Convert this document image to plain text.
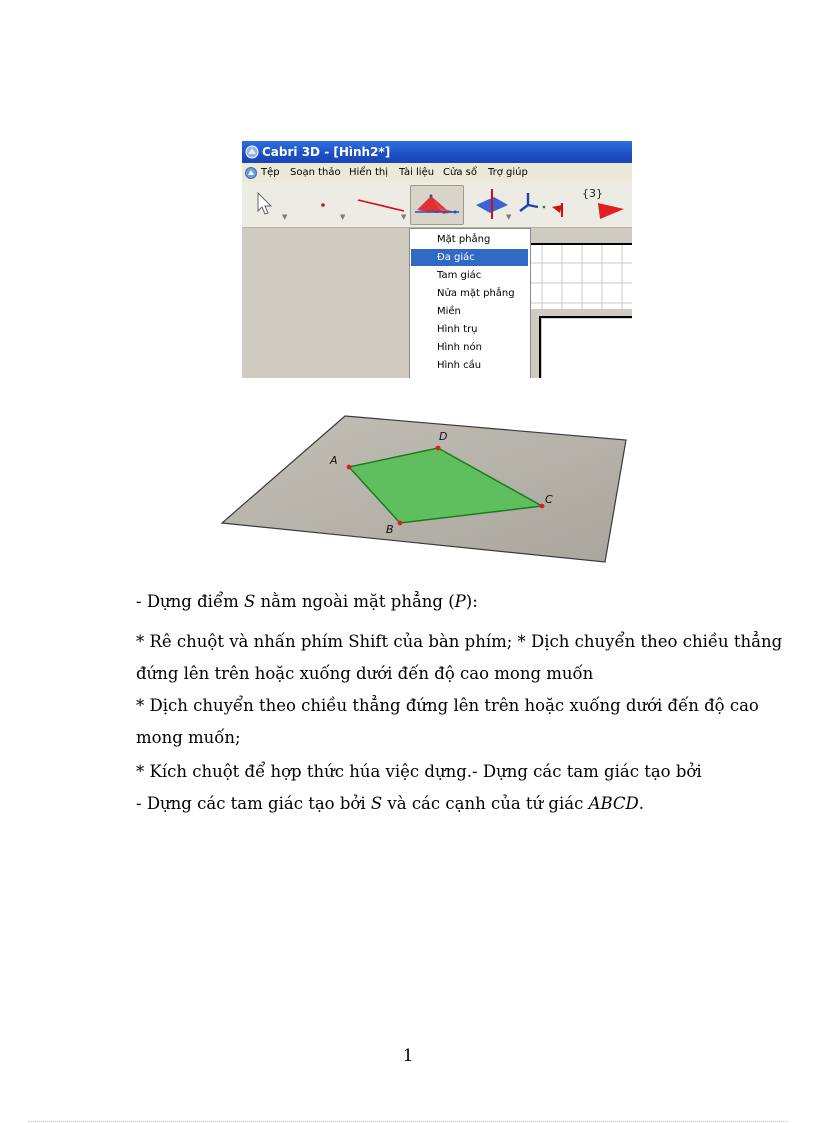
Cabri 3D - [Hình2*]
Tệp Soạn thảo Hiển thị Tài liệu Cửa sổ Trợ giúp
▼	▼	▼	▼
{3}
Mặt phẳng
Đa giác
Tam giác
Nửa mặt phẳng
Miền
Hình trụ
Hình nón
Hình cầu
A
D
C
B
- Dựng điểm S nằm ngoài mặt phẳng (P):
* Rê chuột và nhấn phím Shift của bàn phím; * Dịch chuyển theo chiều thẳng
đứng lên trên hoặc xuống dưới đến độ cao mong muốn
* Dịch chuyển theo chiều thẳng đứng lên trên hoặc xuống dưới đến độ cao
mong muốn;
* Kích chuột để hợp thức húa việc dựng.- Dựng các tam giác tạo bởi
- Dựng các tam giác tạo bởi S và các cạnh của tứ giác ABCD.
1
